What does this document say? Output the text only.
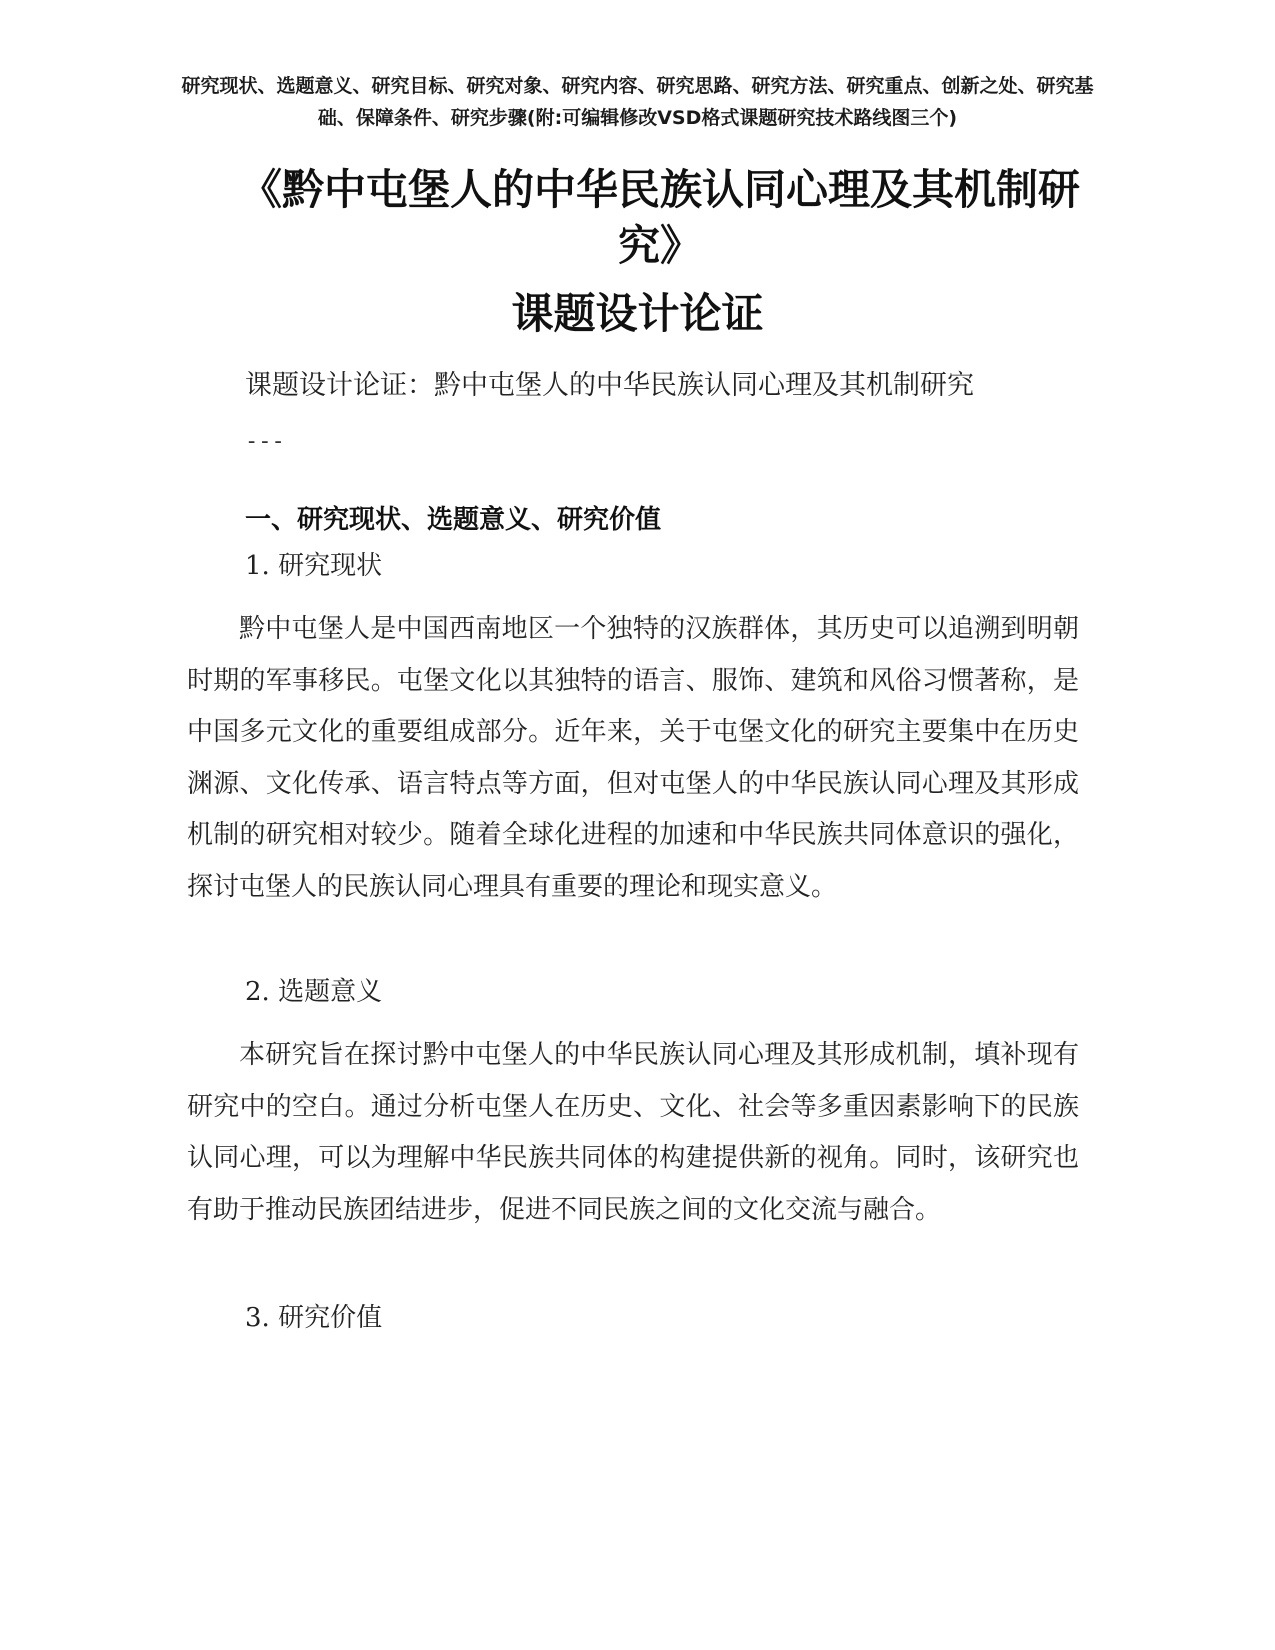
研究现状、选题意义、研究目标、研究对象、研究内容、研究思路、研究方法、研究重点、创新之处、研究基础、保障条件、研究步骤(附:可编辑修改VSD格式课题研究技术路线图三个)
《黔中屯堡人的中华民族认同心理及其机制研究》
课题设计论证
课题设计论证：黔中屯堡人的中华民族认同心理及其机制研究
---
一、研究现状、选题意义、研究价值
1. 研究现状

黔中屯堡人是中国西南地区一个独特的汉族群体，其历史可以追溯到明朝时期的军事移民。屯堡文化以其独特的语言、服饰、建筑和风俗习惯著称，是中国多元文化的重要组成部分。近年来，关于屯堡文化的研究主要集中在历史渊源、文化传承、语言特点等方面，但对屯堡人的中华民族认同心理及其形成机制的研究相对较少。随着全球化进程的加速和中华民族共同体意识的强化，探讨屯堡人的民族认同心理具有重要的理论和现实意义。

2. 选题意义

本研究旨在探讨黔中屯堡人的中华民族认同心理及其形成机制，填补现有研究中的空白。通过分析屯堡人在历史、文化、社会等多重因素影响下的民族认同心理，可以为理解中华民族共同体的构建提供新的视角。同时，该研究也有助于推动民族团结进步，促进不同民族之间的文化交流与融合。

3. 研究价值
